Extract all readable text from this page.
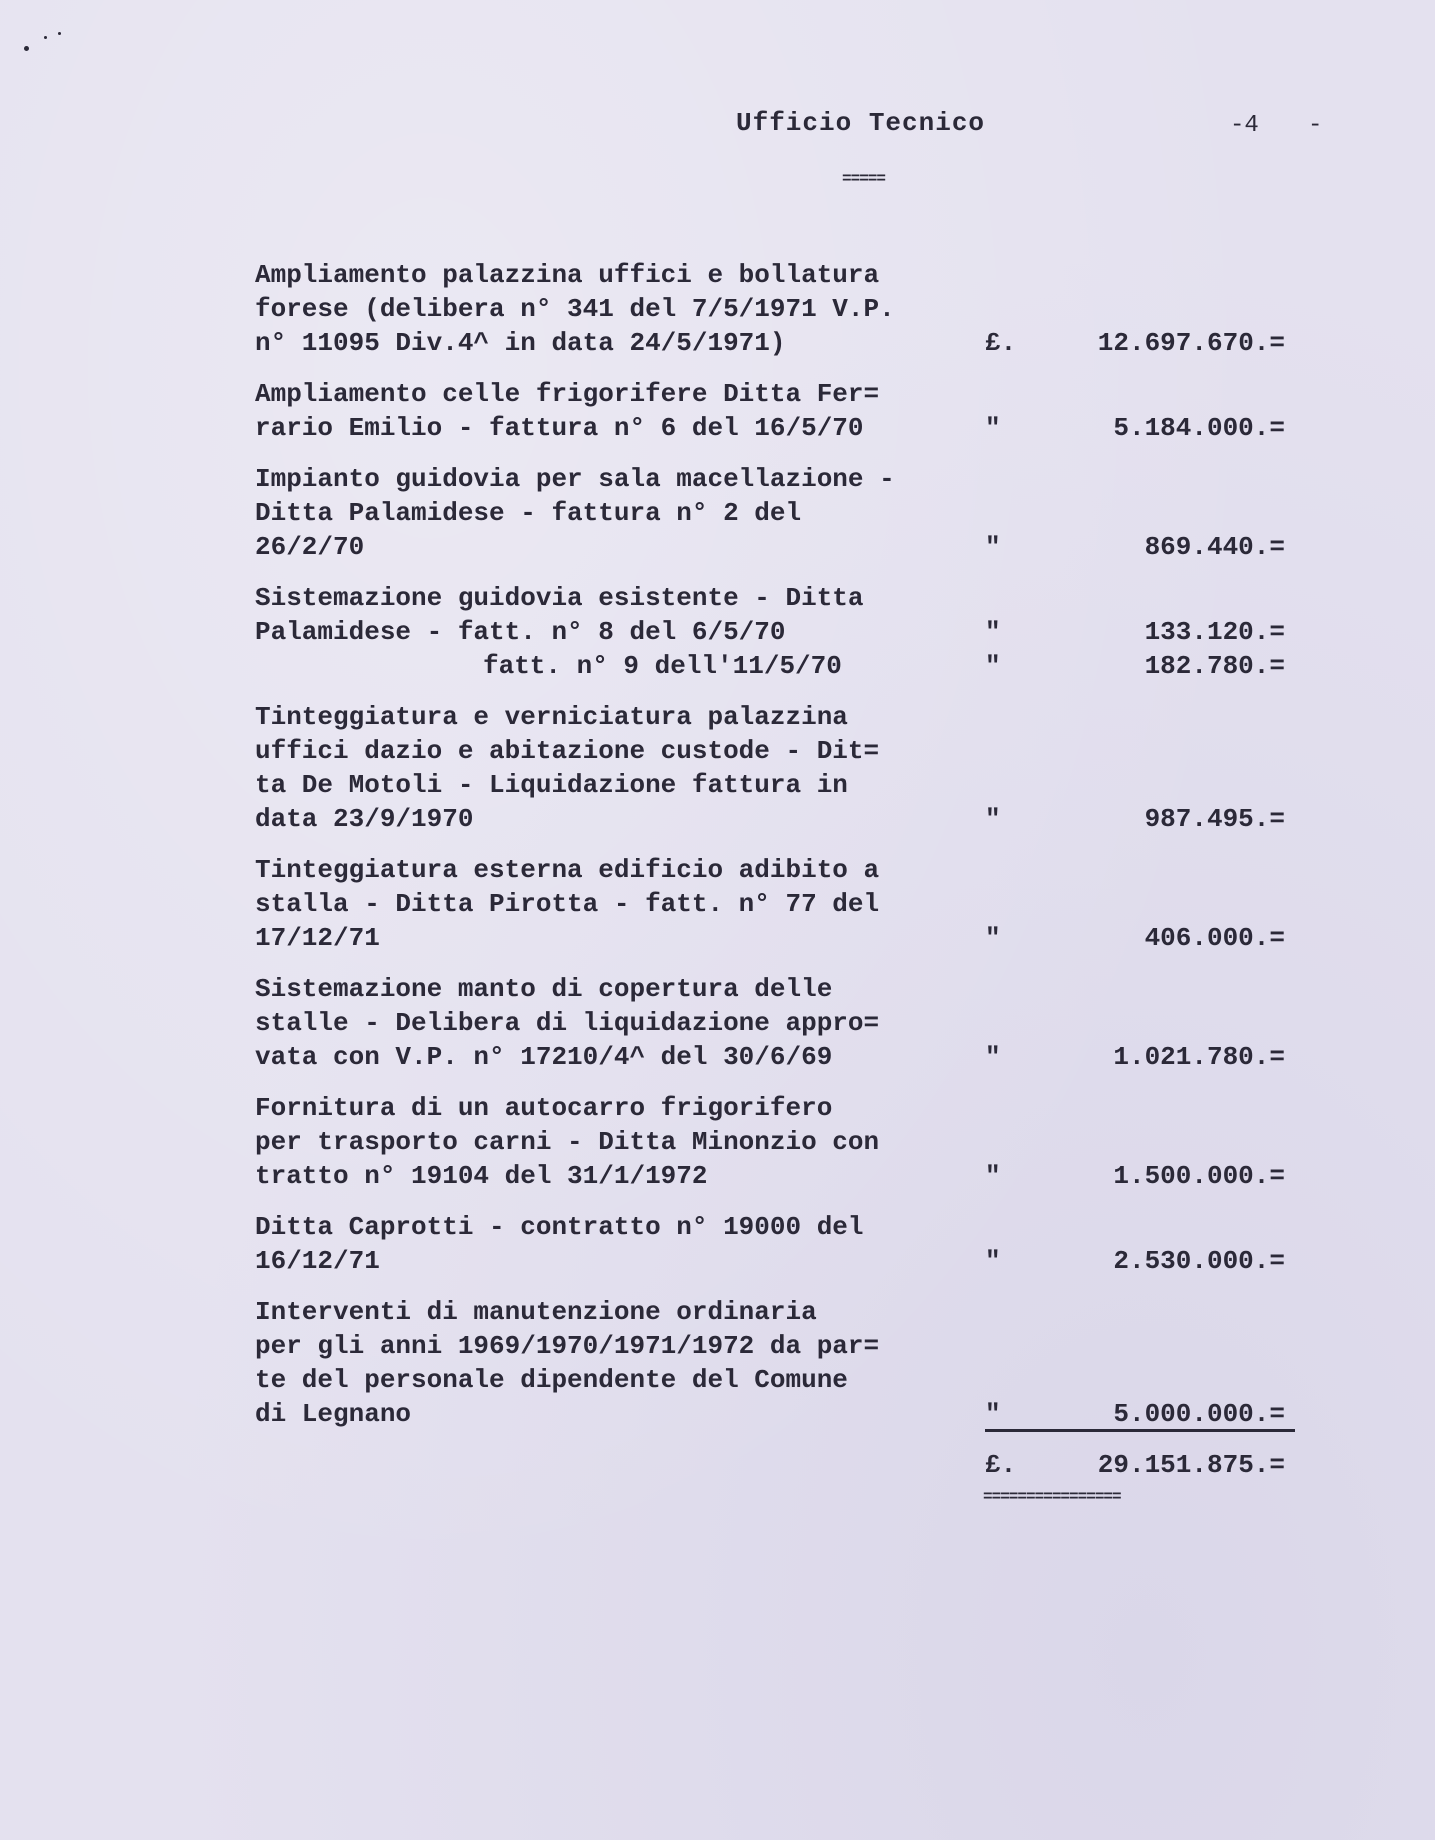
Ufficio Tecnico	-4 -
=====
Ampliamento palazzina uffici e bollatura
forese (delibera n° 341 del 7/5/1971 V.P.
n° 11095 Div.4^ in data 24/5/1971)	£.	12.697.670.=
Ampliamento celle frigorifere Ditta Fer=
rario Emilio - fattura n° 6 del 16/5/70	"	5.184.000.=
Impianto guidovia per sala macellazione -
Ditta Palamidese - fattura n° 2 del
26/2/70	"	869.440.=
Sistemazione guidovia esistente - Ditta
Palamidese - fatt. n° 8 del 6/5/70	"	133.120.=
fatt. n° 9 dell'11/5/70	"	182.780.=
Tinteggiatura e verniciatura palazzina
uffici dazio e abitazione custode - Dit=
ta De Motoli - Liquidazione fattura in
data 23/9/1970	"	987.495.=
Tinteggiatura esterna edificio adibito a
stalla - Ditta Pirotta - fatt. n° 77 del
17/12/71	"	406.000.=
Sistemazione manto di copertura delle
stalle - Delibera di liquidazione appro=
vata con V.P. n° 17210/4^ del 30/6/69	"	1.021.780.=
Fornitura di un autocarro frigorifero
per trasporto carni - Ditta Minonzio con
tratto n° 19104 del 31/1/1972	"	1.500.000.=
Ditta Caprotti - contratto n° 19000 del
16/12/71	"	2.530.000.=
Interventi di manutenzione ordinaria
per gli anni 1969/1970/1971/1972 da par=
te del personale dipendente del Comune
di Legnano	"	5.000.000.=
£.	29.151.875.=
================
